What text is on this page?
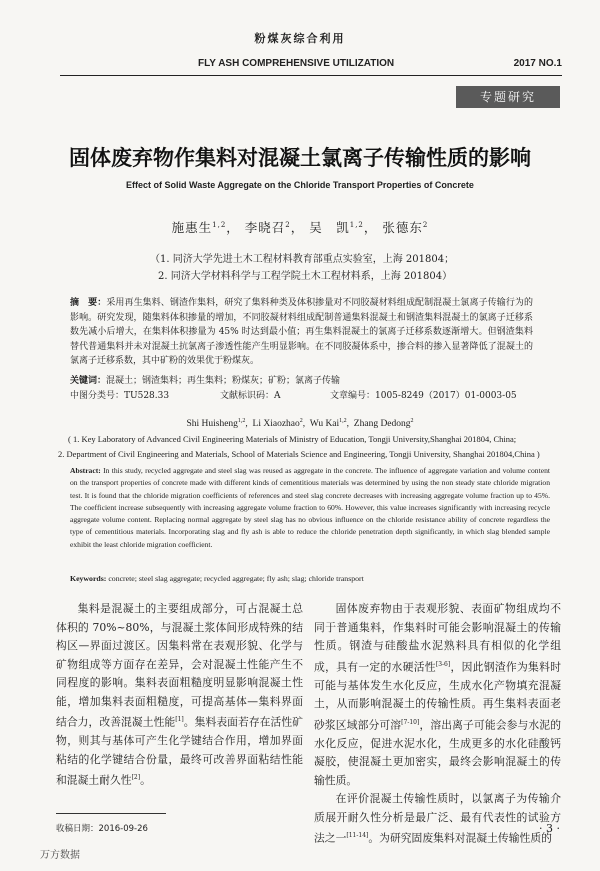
粉煤灰综合利用
FLY ASH COMPREHENSIVE UTILIZATION	2017 NO.1
专题研究
固体废弃物作集料对混凝土氯离子传输性质的影响
Effect of Solid Waste Aggregate on the Chloride Transport Properties of Concrete
施惠生$^{1,2}$， 李晓召$^2$， 吴　凯$^{1,2}$， 张德东$^2$
（1. 同济大学先进土木工程材料教育部重点实验室，上海 201804；
2. 同济大学材料科学与工程学院土木工程材料系，上海 201804）
摘　要：采用再生集料、钢渣作集料，研究了集料种类及体积掺量对不同胶凝材料组成配制混凝土氯离子传输行为的影响。研究发现，随集料体积掺量的增加，不同胶凝材料组成配制普通集料混凝土和钢渣集料混凝土的氯离子迁移系数先减小后增大，在集料体积掺量为 45% 时达到最小值；再生集料混凝土的氯离子迁移系数逐渐增大。但钢渣集料替代普通集料并未对混凝土抗氯离子渗透性能产生明显影响。在不同胶凝体系中，掺合料的掺入显著降低了混凝土的氯离子迁移系数，其中矿粉的效果优于粉煤灰。
关键词：混凝土；钢渣集料；再生集料；粉煤灰；矿粉；氯离子传输
中图分类号：TU528.33	文献标识码：A	文章编号：1005-8249（2017）01-0003-05
Shi Huisheng$^{1,2}$,  Li Xiaozhao$^2$,  Wu Kai$^{1,2}$,  Zhang Dedong$^2$
( 1. Key Laboratory of Advanced Civil Engineering Materials of Ministry of Education, Tongji University,Shanghai 201804, China;
2. Department of Civil Engineering and Materials, School of Materials Science and Engineering, Tongji University, Shanghai 201804,China )
Abstract: In this study, recycled aggregate and steel slag was reused as aggregate in the concrete. The influence of aggregate variation and volume content on the transport properties of concrete made with different kinds of cementitious materials was determined by using the non steady state chloride migration test. It is found that the chloride migration coefficients of references and steel slag concrete decreases with increasing aggregate volume fraction up to 45%. The coefficient increase subsequently with increasing aggregate volume fraction to 60%. However, this value increases significantly with increasing recycle aggregate volume content. Replacing normal aggregate by steel slag has no obvious influence on the chloride resistance ability of concrete regardless the type of cementitious materials. Incorporating slag and fly ash is able to reduce the chloride penetration depth significantly, in which slag blended sample exhibit the least chloride migration coefficient.
Keywords: concrete; steel slag aggregate; recycled aggregate; fly ash; slag; chloride transport
集料是混凝土的主要组成部分，可占混凝土总体积的 70%~80%，与混凝土浆体间形成特殊的结构区—界面过渡区。因集料常在表观形貌、化学与矿物组成等方面存在差异，会对混凝土性能产生不同程度的影响。集料表面粗糙度明显影响混凝土性能，增加集料表面粗糙度，可提高基体—集料界面结合力，改善混凝土性能[1]。集料表面若存在活性矿物，则其与基体可产生化学键结合作用，增加界面粘结的化学键结合份量，最终可改善界面粘结性能和混凝土耐久性[2]。
固体废弃物由于表观形貌、表面矿物组成均不同于普通集料，作集料时可能会影响混凝土的传输性质。钢渣与硅酸盐水泥熟料具有相似的化学组成，具有一定的水硬活性[3-6]，因此钢渣作为集料时可能与基体发生水化反应，生成水化产物填充混凝土，从而影响混凝土的传输性质。再生集料表面老砂浆区域部分可溶[7-10]，溶出离子可能会参与水泥的水化反应，促进水泥水化，生成更多的水化硅酸钙凝胶，使混凝土更加密实，最终会影响混凝土的传输性质。
在评价混凝土传输性质时，以氯离子为传输介质展开耐久性分析是最广泛、最有代表性的试验方法之一[11-14]。为研究固废集料对混凝土传输性质的
收稿日期：2016-09-26	· 3 ·
万方数据
